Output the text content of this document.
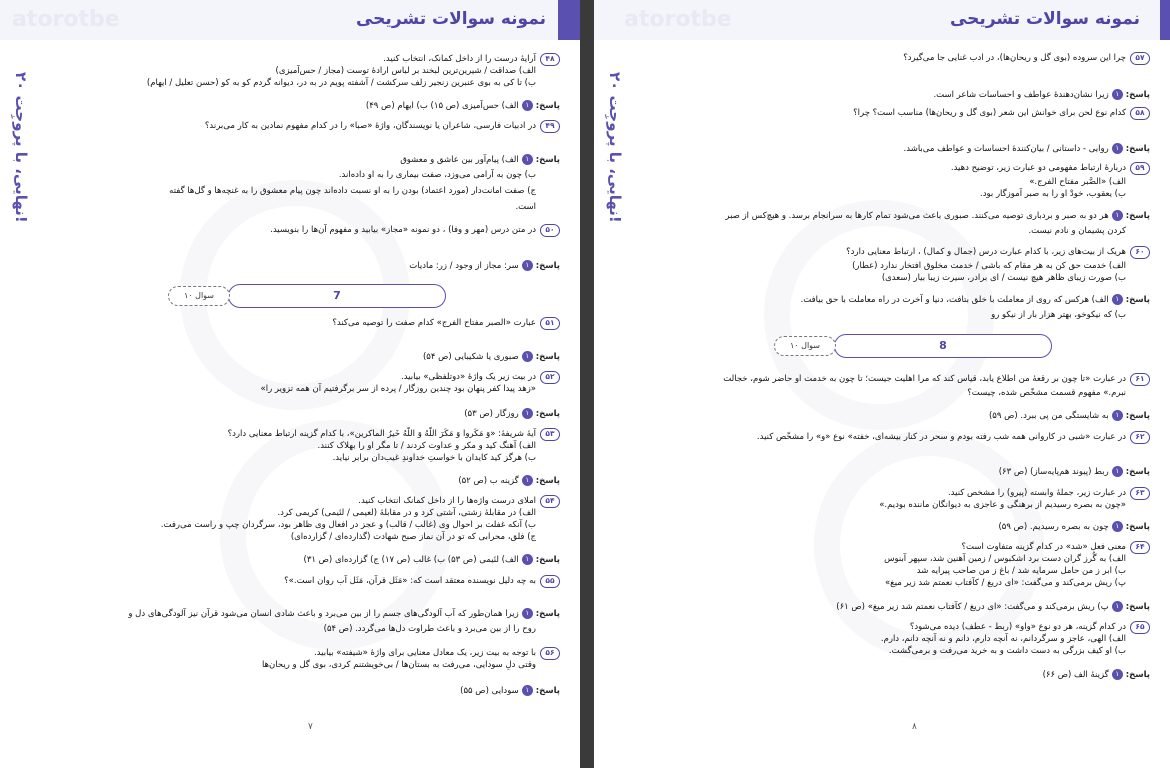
atorotbe	نمونه سوالات تشریحی
۲۰ نهایی، با پروجِت!
۴۸
آرایهٔ درست را از داخل کمانک، انتخاب کنید.
الف) صداقت / شیرین‌ترین لبخند بر لباس ارادهٔ توست (مجاز / حس‌آمیزی)
ب) تا کی به بوی عنبرین زنجیر زلف سرکشت / آشفته پویم در به در، دیوانه گردم کو به کو (حسن تعلیل / ایهام)
پاسخ:۱الف) حس‌آمیزی (ص ۱۵) ب) ایهام (ص ۴۹)
۴۹
در ادبیات فارسی، شاعران یا نویسندگان، واژهٔ «صبا» را در کدام مفهوم نمادین به کار می‌برند؟
پاسخ:۱الف) پیام‌آور بین عاشق و معشوق
ب) چون به آرامی می‌وزد، صفت بیماری را به او داده‌اند.
ج) صفت امانت‌دار (مورد اعتماد) بودن را به او نسبت داده‌اند چون پیام معشوق را به غنچه‌ها و گل‌ها گفته
است.
۵۰
در متن درس (مهر و وفا) ، دو نمونه «مجاز» بیابید و مفهوم آن‌ها را بنویسید.
پاسخ:۱سر: مجاز از وجود / زر: مادیات
۵۱
عبارت «الصبر مفتاح الفرج» کدام صفت را توصیه می‌کند؟
پاسخ:۱صبوری یا شکیبایی (ص ۵۴)
۵۲
در بیت زیر یک واژهٔ «دوتلفظی» بیابید.
«زهد پیدا کفر پنهان بود چندین روزگار / پرده از سر برگرفتیم آن همه تزویر را»
پاسخ:۱روزگار (ص ۵۳)
۵۳
آیهٔ شریفهٔ: «وَ مَکَروا وَ مَکَرَ اللّهُ وَ اللّهُ خَیرُ الماکرین»، با کدام گزینه ارتباط معنایی دارد؟
الف) آهنگ کید و مکر و عداوت کردند / تا مگر او را بهلاک کنند.
ب) هرگز کید کایدان با خواستِ خداوندِ غیب‌دان برابر نیاید.
پاسخ:۱گزینه ب (ص ۵۲)
۵۴
املای درست واژه‌ها را از داخل کمانک انتخاب کنید.
الف) در مقابلهٔ زشتی، آشتی کرد و در مقابلهٔ (لعیمی / لئیمی) کریمی کرد.
ب) آنکه غفلت بر احوال وی (غالب / قالب) و عجز در افعال وی ظاهر بود، سرگردان چپ و راست می‌رفت.
ج) فلق، محرابی که تو در آن نماز صبح شهادت (گذارده‌ای / گزارده‌ای)
پاسخ:۱الف) لئیمی (ص ۵۳) ب) غالب (ص ۱۷) ج) گزارده‌ای (ص ۳۱)
۵۵
به چه دلیل نویسنده معتقد است که: «مَثَل قرآن، مَثَل آب روان است.»؟
پاسخ:۱زیرا همان‌طور که آب آلودگی‌های جسم را از بین می‌برد و باعث شادی انسان می‌شود قرآن نیز آلودگی‌های دل و
روح را از بین می‌برد و باعث طراوت دل‌ها می‌گردد. (ص ۵۴)
۵۶
با توجه به بیت زیر، یک معادل معنایی برای واژهٔ «شیفته» بیابید.
وقتی دلِ سودایی، می‌رفت به بستان‌ها / بی‌خویشتنم کردی، بوی گل و ریحان‌ها
پاسخ:۱سودایی (ص ۵۵)
7
۱۰ سوال
۷
atorotbe	نمونه سوالات تشریحی
۲۰ نهایی، با پروجِت!
۵۷
چرا این سروده (بوی گل و ریحان‌ها)، در ادب غنایی جا می‌گیرد؟
پاسخ:۱زیرا نشان‌دهندهٔ عواطف و احساسات شاعر است.
۵۸
کدام نوع لحن برای خوانش این شعر (بوی گل و ریحان‌ها) مناسب است؟ چرا؟
پاسخ:۱روایی - داستانی / بیان‌کنندهٔ احساسات و عواطف می‌باشد.
۵۹
دربارهٔ ارتباط مفهومی دو عبارت زیر، توضیح دهید.
الف) «الصَّبر مفتاح الفرج.»
ب) یعقوب، خودْ او را به صبر آموزگار بود.
پاسخ:۱هر دو به صبر و بردباری توصیه می‌کنند. صبوری باعث می‌شود تمام کارها به سرانجام برسد. و هیچ‌کس از صبر
کردن پشیمان و نادم نیست.
۶۰
هریک از بیت‌های زیر، با کدام عبارت درس (جمال و کمال) ، ارتباط معنایی دارد؟
الف) خدمت حق کن به هر مقام که باشی / خدمت مخلوق افتخار ندارد (عطار)
ب) صورت زیبای ظاهر هیچ نیست / ای برادر، سیرت زیبا بیار (سعدی)
پاسخ:۱الف) هرکس که روی از معاملت با خلق بتافت، دنیا و آخرت در راه معاملت با حق بیافت.
ب) که نیکوخو، بهتر هزار بار از نیکو رو
۶۱
در عبارت «تا چون بر رقعهٔ من اطلاع یابد، قیاس کند که مرا اهلیت جیست؛ تا چون به خدمت او حاضر شوم، خجالت
نبرم.» مفهوم قسمت مشخّص شده، چیست؟
پاسخ:۱به شایستگی من پی ببرد. (ص ۵۹)
۶۲
در عبارت «شبی در کاروانی همه شب رفته بودم و سحر در کنار بیشه‌ای، خفته» نوع «و» را مشخّص کنید.
پاسخ:۱ربط (پیوند هم‌پایه‌ساز) (ص ۶۳)
۶۳
در عبارت زیر، جملهٔ وابسته (پیرو) را مشخص کنید.
«چون به بصره رسیدیم از برهنگی و عاجزی به دیوانگان ماننده بودیم.»
پاسخ:۱چون به بصره رسیدیم. (ص ۵۹)
۶۴
معنی فعل «شد» در کدام گزینه متفاوت است؟
الف) به گُرز گران دست برد اشکبوس / زمین آهنین شد، سپهر آبنوس
ب) ابر ز من حامل سرمایه شد / باغ ز من صاحب پیرایه شد
پ) ریش برمی‌کند و می‌گفت: «ای دریغ / کآفتاب نعمتم شد زیر میغ»
پاسخ:۱پ) ریش برمی‌کند و می‌گفت: «ای دریغ / کآفتاب نعمتم شد زیر میغ» (ص ۶۱)
۶۵
در کدام گزینه، هر دو نوع «واو» (ربط - عطف) دیده می‌شود؟
الف) الهی، عاجز و سرگردانم، نه آنچه دارم، دانم و نه آنچه دانم، دارم.
ب) او کیف بزرگی به دست داشت و به خرید می‌رفت و برمی‌گشت.
پاسخ:۱گزینهٔ الف (ص ۶۶)
8
۱۰ سوال
۸
